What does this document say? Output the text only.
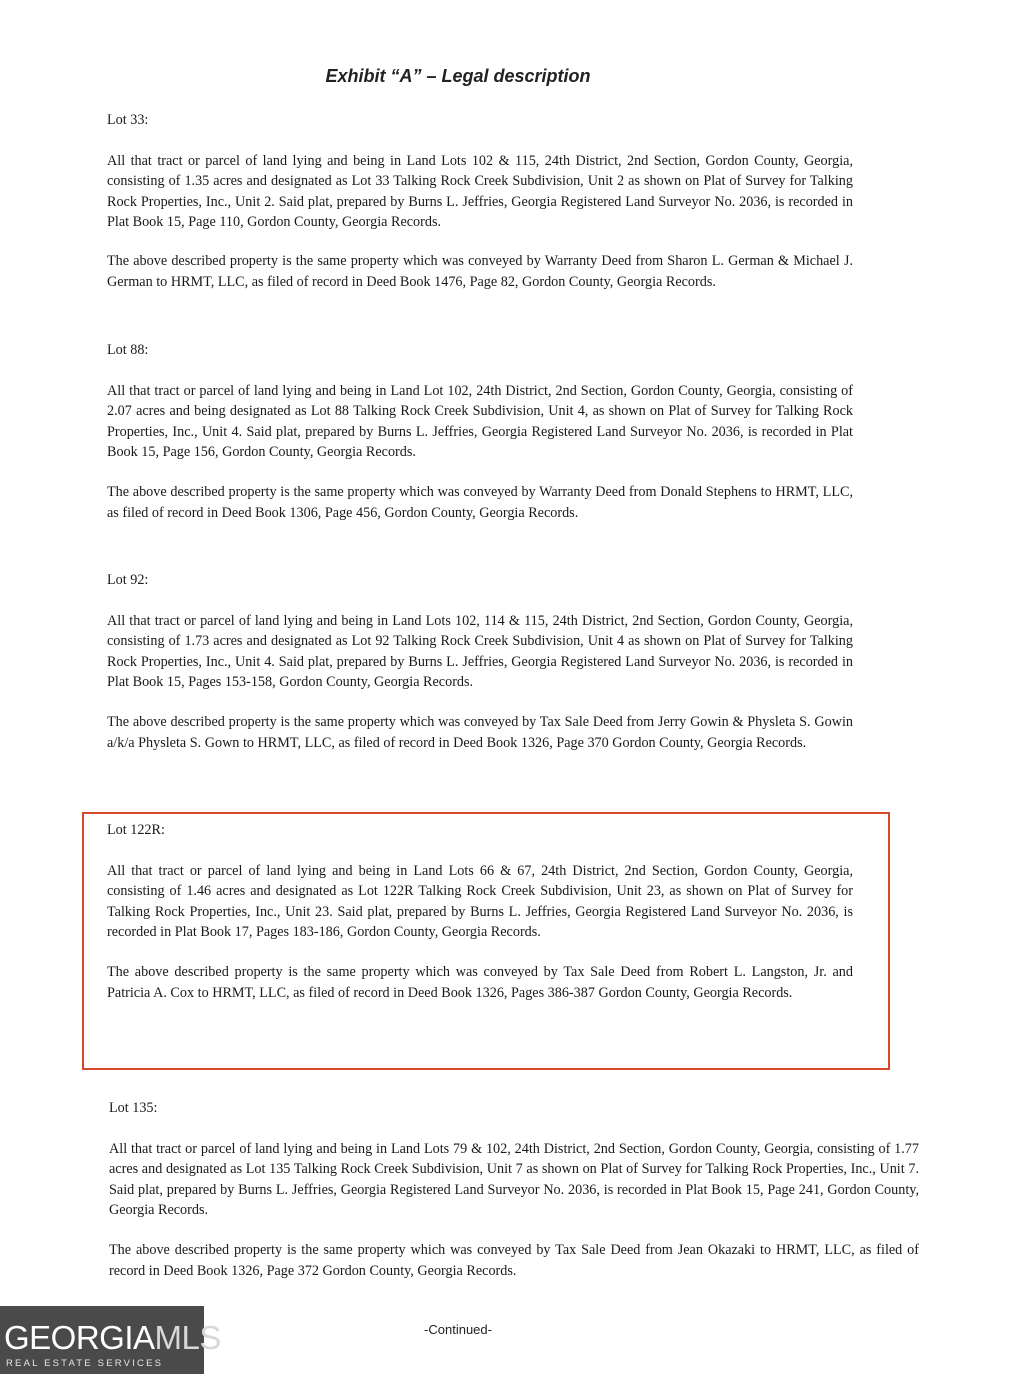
Exhibit “A” – Legal description
Lot 33:

All that tract or parcel of land lying and being in Land Lots 102 & 115, 24th District, 2nd Section, Gordon County, Georgia, consisting of 1.35 acres and designated as Lot 33 Talking Rock Creek Subdivision, Unit 2 as shown on Plat of Survey for Talking Rock Properties, Inc., Unit 2. Said plat, prepared by Burns L. Jeffries, Georgia Registered Land Surveyor No. 2036, is recorded in Plat Book 15, Page 110, Gordon County, Georgia Records.

The above described property is the same property which was conveyed by Warranty Deed from Sharon L. German & Michael J. German to HRMT, LLC, as filed of record in Deed Book 1476, Page 82, Gordon County, Georgia Records.

Lot 88:

All that tract or parcel of land lying and being in Land Lot 102, 24th District, 2nd Section, Gordon County, Georgia, consisting of 2.07 acres and being designated as Lot 88 Talking Rock Creek Subdivision, Unit 4, as shown on Plat of Survey for Talking Rock Properties, Inc., Unit 4. Said plat, prepared by Burns L. Jeffries, Georgia Registered Land Surveyor No. 2036, is recorded in Plat Book 15, Page 156, Gordon County, Georgia Records.

The above described property is the same property which was conveyed by Warranty Deed from Donald Stephens to HRMT, LLC, as filed of record in Deed Book 1306, Page 456, Gordon County, Georgia Records.

Lot 92:

All that tract or parcel of land lying and being in Land Lots 102, 114 & 115, 24th District, 2nd Section, Gordon County, Georgia, consisting of 1.73 acres and designated as Lot 92 Talking Rock Creek Subdivision, Unit 4 as shown on Plat of Survey for Talking Rock Properties, Inc., Unit 4. Said plat, prepared by Burns L. Jeffries, Georgia Registered Land Surveyor No. 2036, is recorded in Plat Book 15, Pages 153-158, Gordon County, Georgia Records.

The above described property is the same property which was conveyed by Tax Sale Deed from Jerry Gowin & Physleta S. Gowin a/k/a Physleta S. Gown to HRMT, LLC, as filed of record in Deed Book 1326, Page 370 Gordon County, Georgia Records.

Lot 122R:

All that tract or parcel of land lying and being in Land Lots 66 & 67, 24th District, 2nd Section, Gordon County, Georgia, consisting of 1.46 acres and designated as Lot 122R Talking Rock Creek Subdivision, Unit 23, as shown on Plat of Survey for Talking Rock Properties, Inc., Unit 23. Said plat, prepared by Burns L. Jeffries, Georgia Registered Land Surveyor No. 2036, is recorded in Plat Book 17, Pages 183-186, Gordon County, Georgia Records.

The above described property is the same property which was conveyed by Tax Sale Deed from Robert L. Langston, Jr. and Patricia A. Cox to HRMT, LLC, as filed of record in Deed Book 1326, Pages 386-387 Gordon County, Georgia Records.

Lot 135:

All that tract or parcel of land lying and being in Land Lots 79 & 102, 24th District, 2nd Section, Gordon County, Georgia, consisting of 1.77 acres and designated as Lot 135 Talking Rock Creek Subdivision, Unit 7 as shown on Plat of Survey for Talking Rock Properties, Inc., Unit 7. Said plat, prepared by Burns L. Jeffries, Georgia Registered Land Surveyor No. 2036, is recorded in Plat Book 15, Page 241, Gordon County, Georgia Records.

The above described property is the same property which was conveyed by Tax Sale Deed from Jean Okazaki to HRMT, LLC, as filed of record in Deed Book 1326, Page 372 Gordon County, Georgia Records.

-Continued-
GEORGIAMLS
REAL ESTATE SERVICES
